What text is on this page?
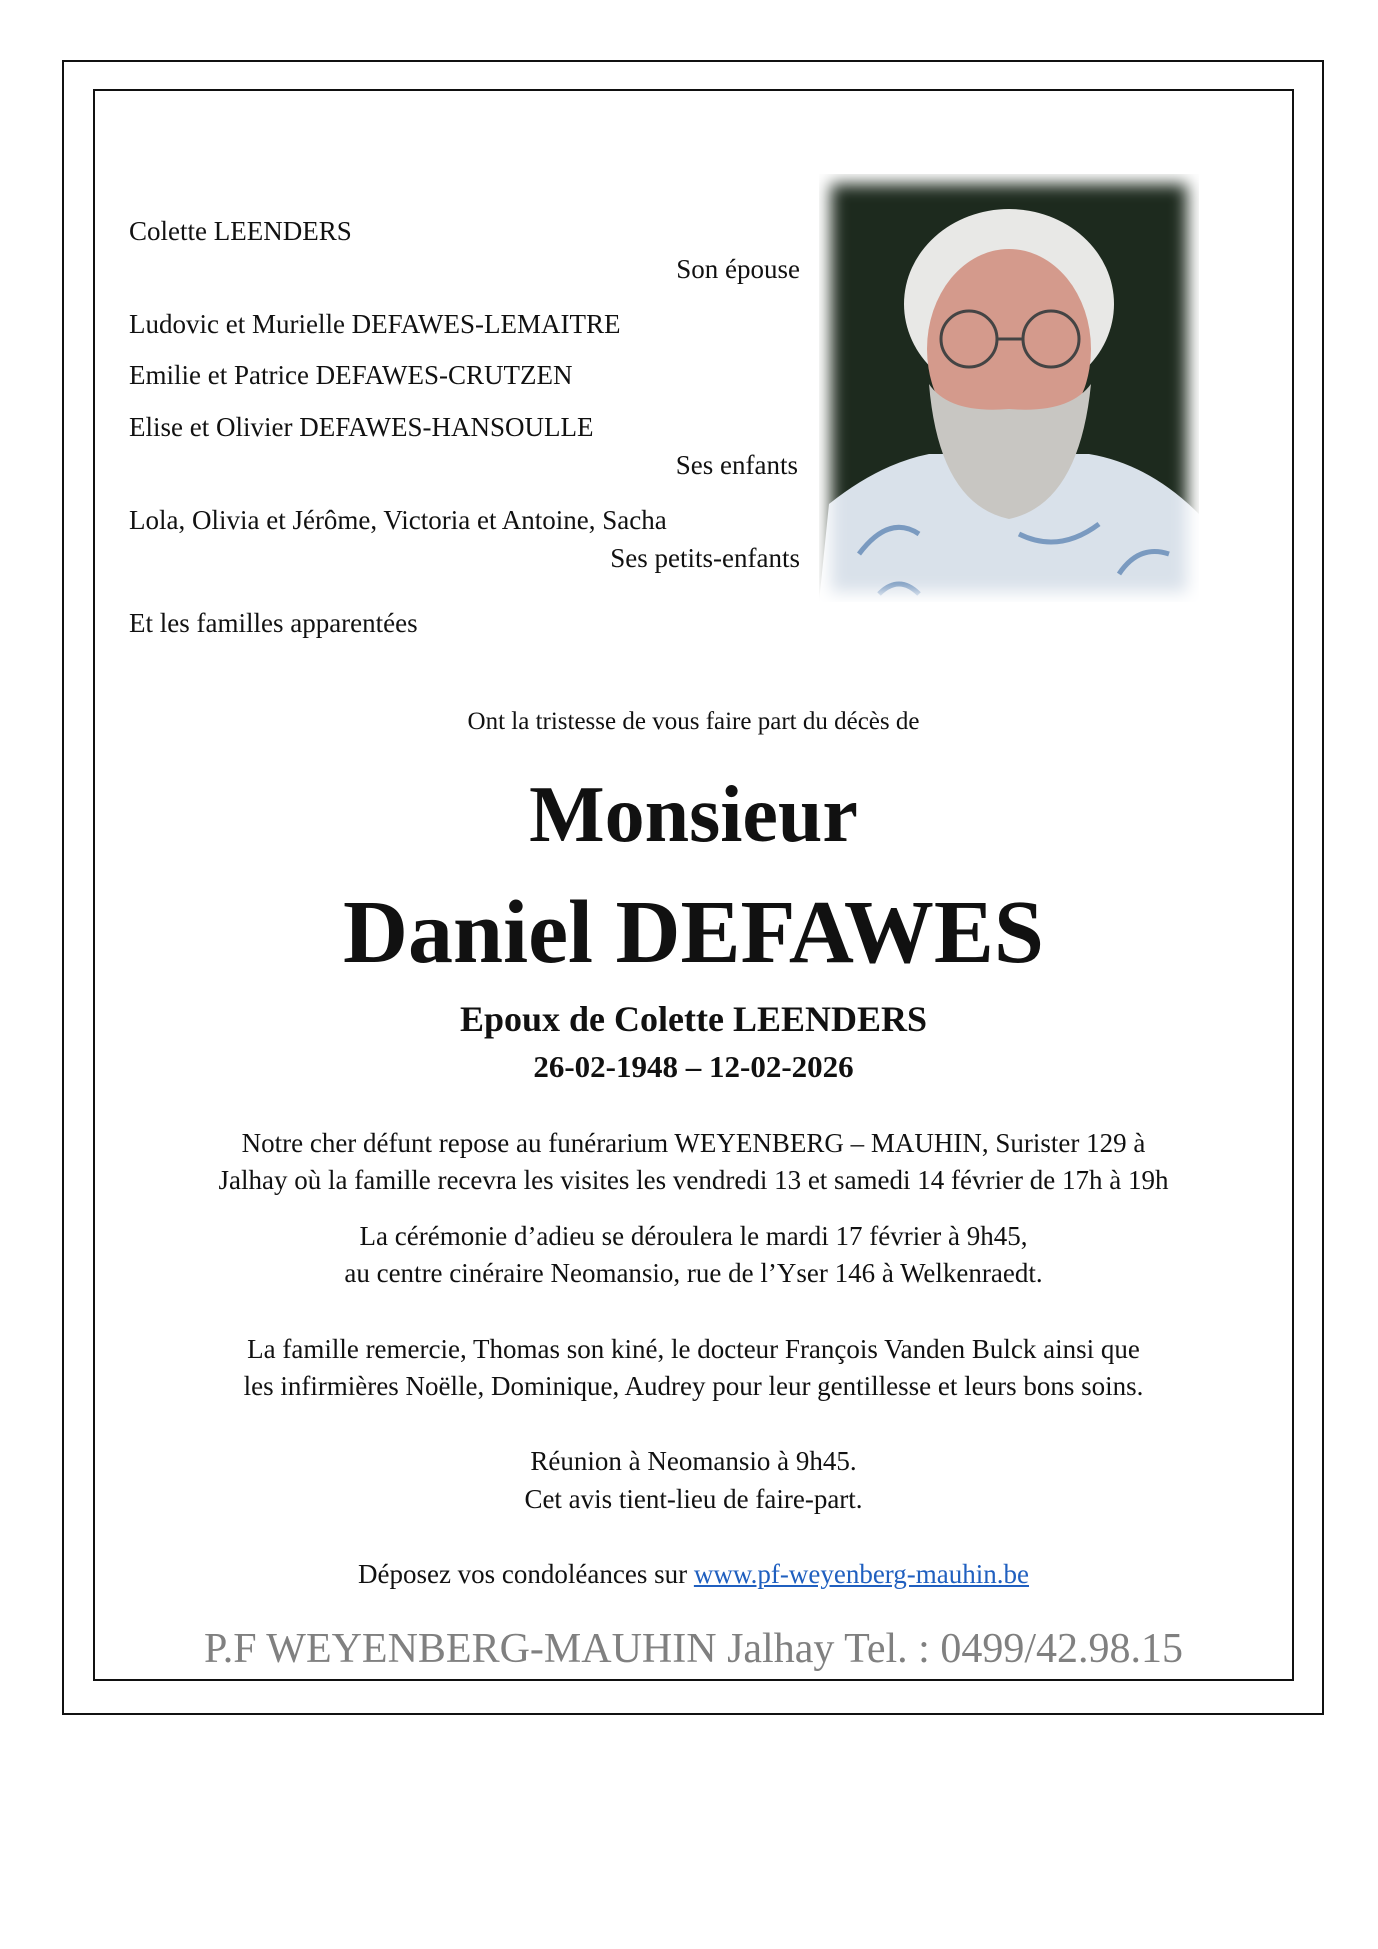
Colette LEENDERS
Son épouse
Ludovic et Murielle DEFAWES-LEMAITRE
Emilie et Patrice DEFAWES-CRUTZEN
Elise et Olivier DEFAWES-HANSOULLE
Ses enfants
Lola, Olivia et Jérôme, Victoria et Antoine, Sacha
Ses petits-enfants
Et les familles apparentées
Ont la tristesse de vous faire part du décès de
Monsieur
Daniel DEFAWES
Epoux de Colette LEENDERS
26-02-1948 – 12-02-2026
Notre cher défunt repose au funérarium WEYENBERG – MAUHIN, Surister 129 à
Jalhay où la famille recevra les visites les vendredi 13 et samedi 14 février de 17h à 19h
La cérémonie d’adieu se déroulera le mardi 17 février à 9h45,
au centre cinéraire Neomansio, rue de l’Yser 146 à Welkenraedt.
La famille remercie, Thomas son kiné, le docteur François Vanden Bulck ainsi que
les infirmières Noëlle, Dominique, Audrey pour leur gentillesse et leurs bons soins.
Réunion à Neomansio à 9h45.
Cet avis tient-lieu de faire-part.
Déposez vos condoléances sur www.pf-weyenberg-mauhin.be
P.F WEYENBERG-MAUHIN Jalhay Tel. : 0499/42.98.15
